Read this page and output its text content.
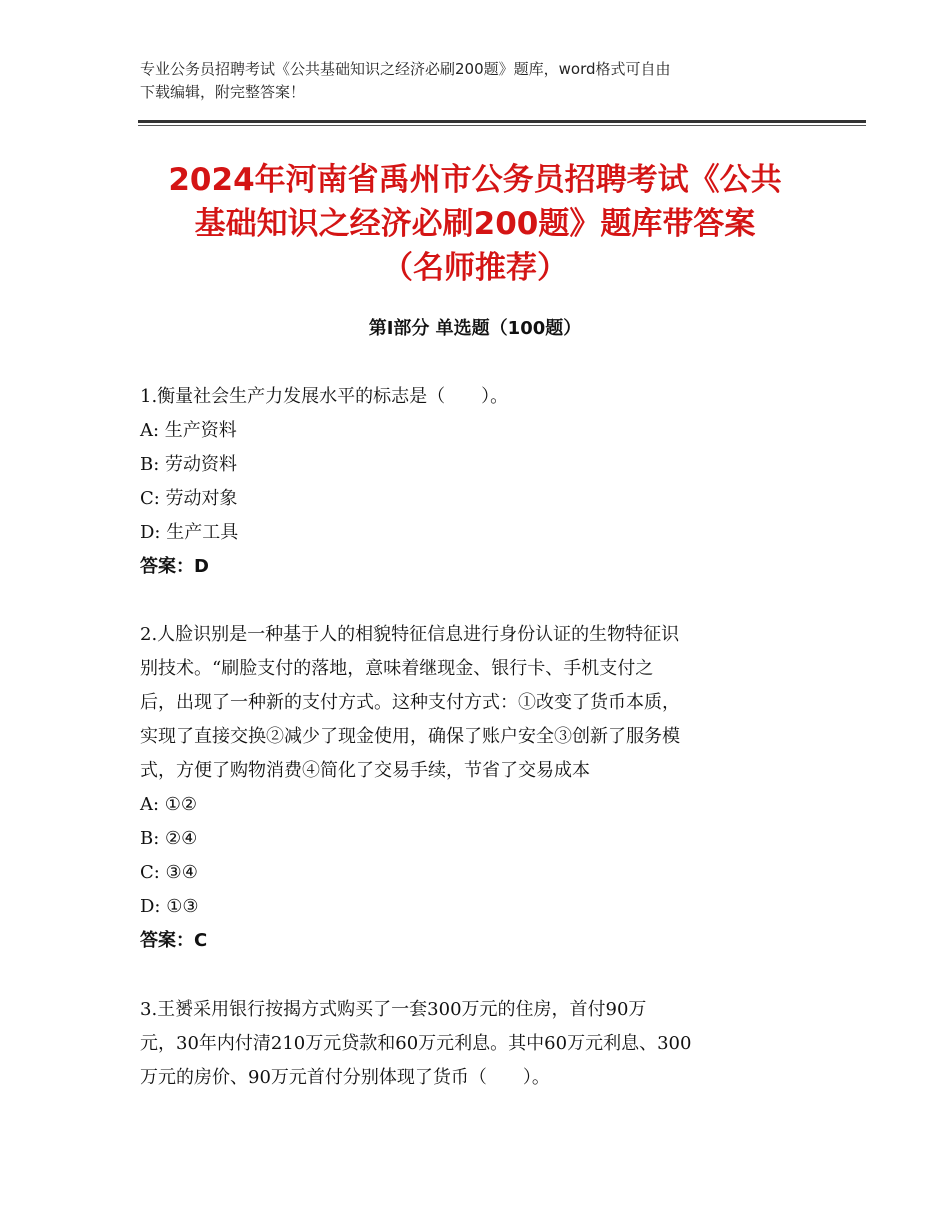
专业公务员招聘考试《公共基础知识之经济必刷200题》题库，word格式可自由
下载编辑，附完整答案！
2024年河南省禹州市公务员招聘考试《公共
基础知识之经济必刷200题》题库带答案
（名师推荐）
第Ⅰ部分 单选题（100题）
1.衡量社会生产力发展水平的标志是（　　）。
A: 生产资料
B: 劳动资料
C: 劳动对象
D: 生产工具
答案：D
2.人脸识别是一种基于人的相貌特征信息进行身份认证的生物特征识
别技术。“刷脸支付的落地，意味着继现金、银行卡、手机支付之
后，出现了一种新的支付方式。这种支付方式：①改变了货币本质，
实现了直接交换②减少了现金使用，确保了账户安全③创新了服务模
式，方便了购物消费④简化了交易手续，节省了交易成本
A: ①②
B: ②④
C: ③④
D: ①③
答案：C
3.王赟采用银行按揭方式购买了一套300万元的住房，首付90万
元，30年内付清210万元贷款和60万元利息。其中60万元利息、300
万元的房价、90万元首付分别体现了货币（　　）。
